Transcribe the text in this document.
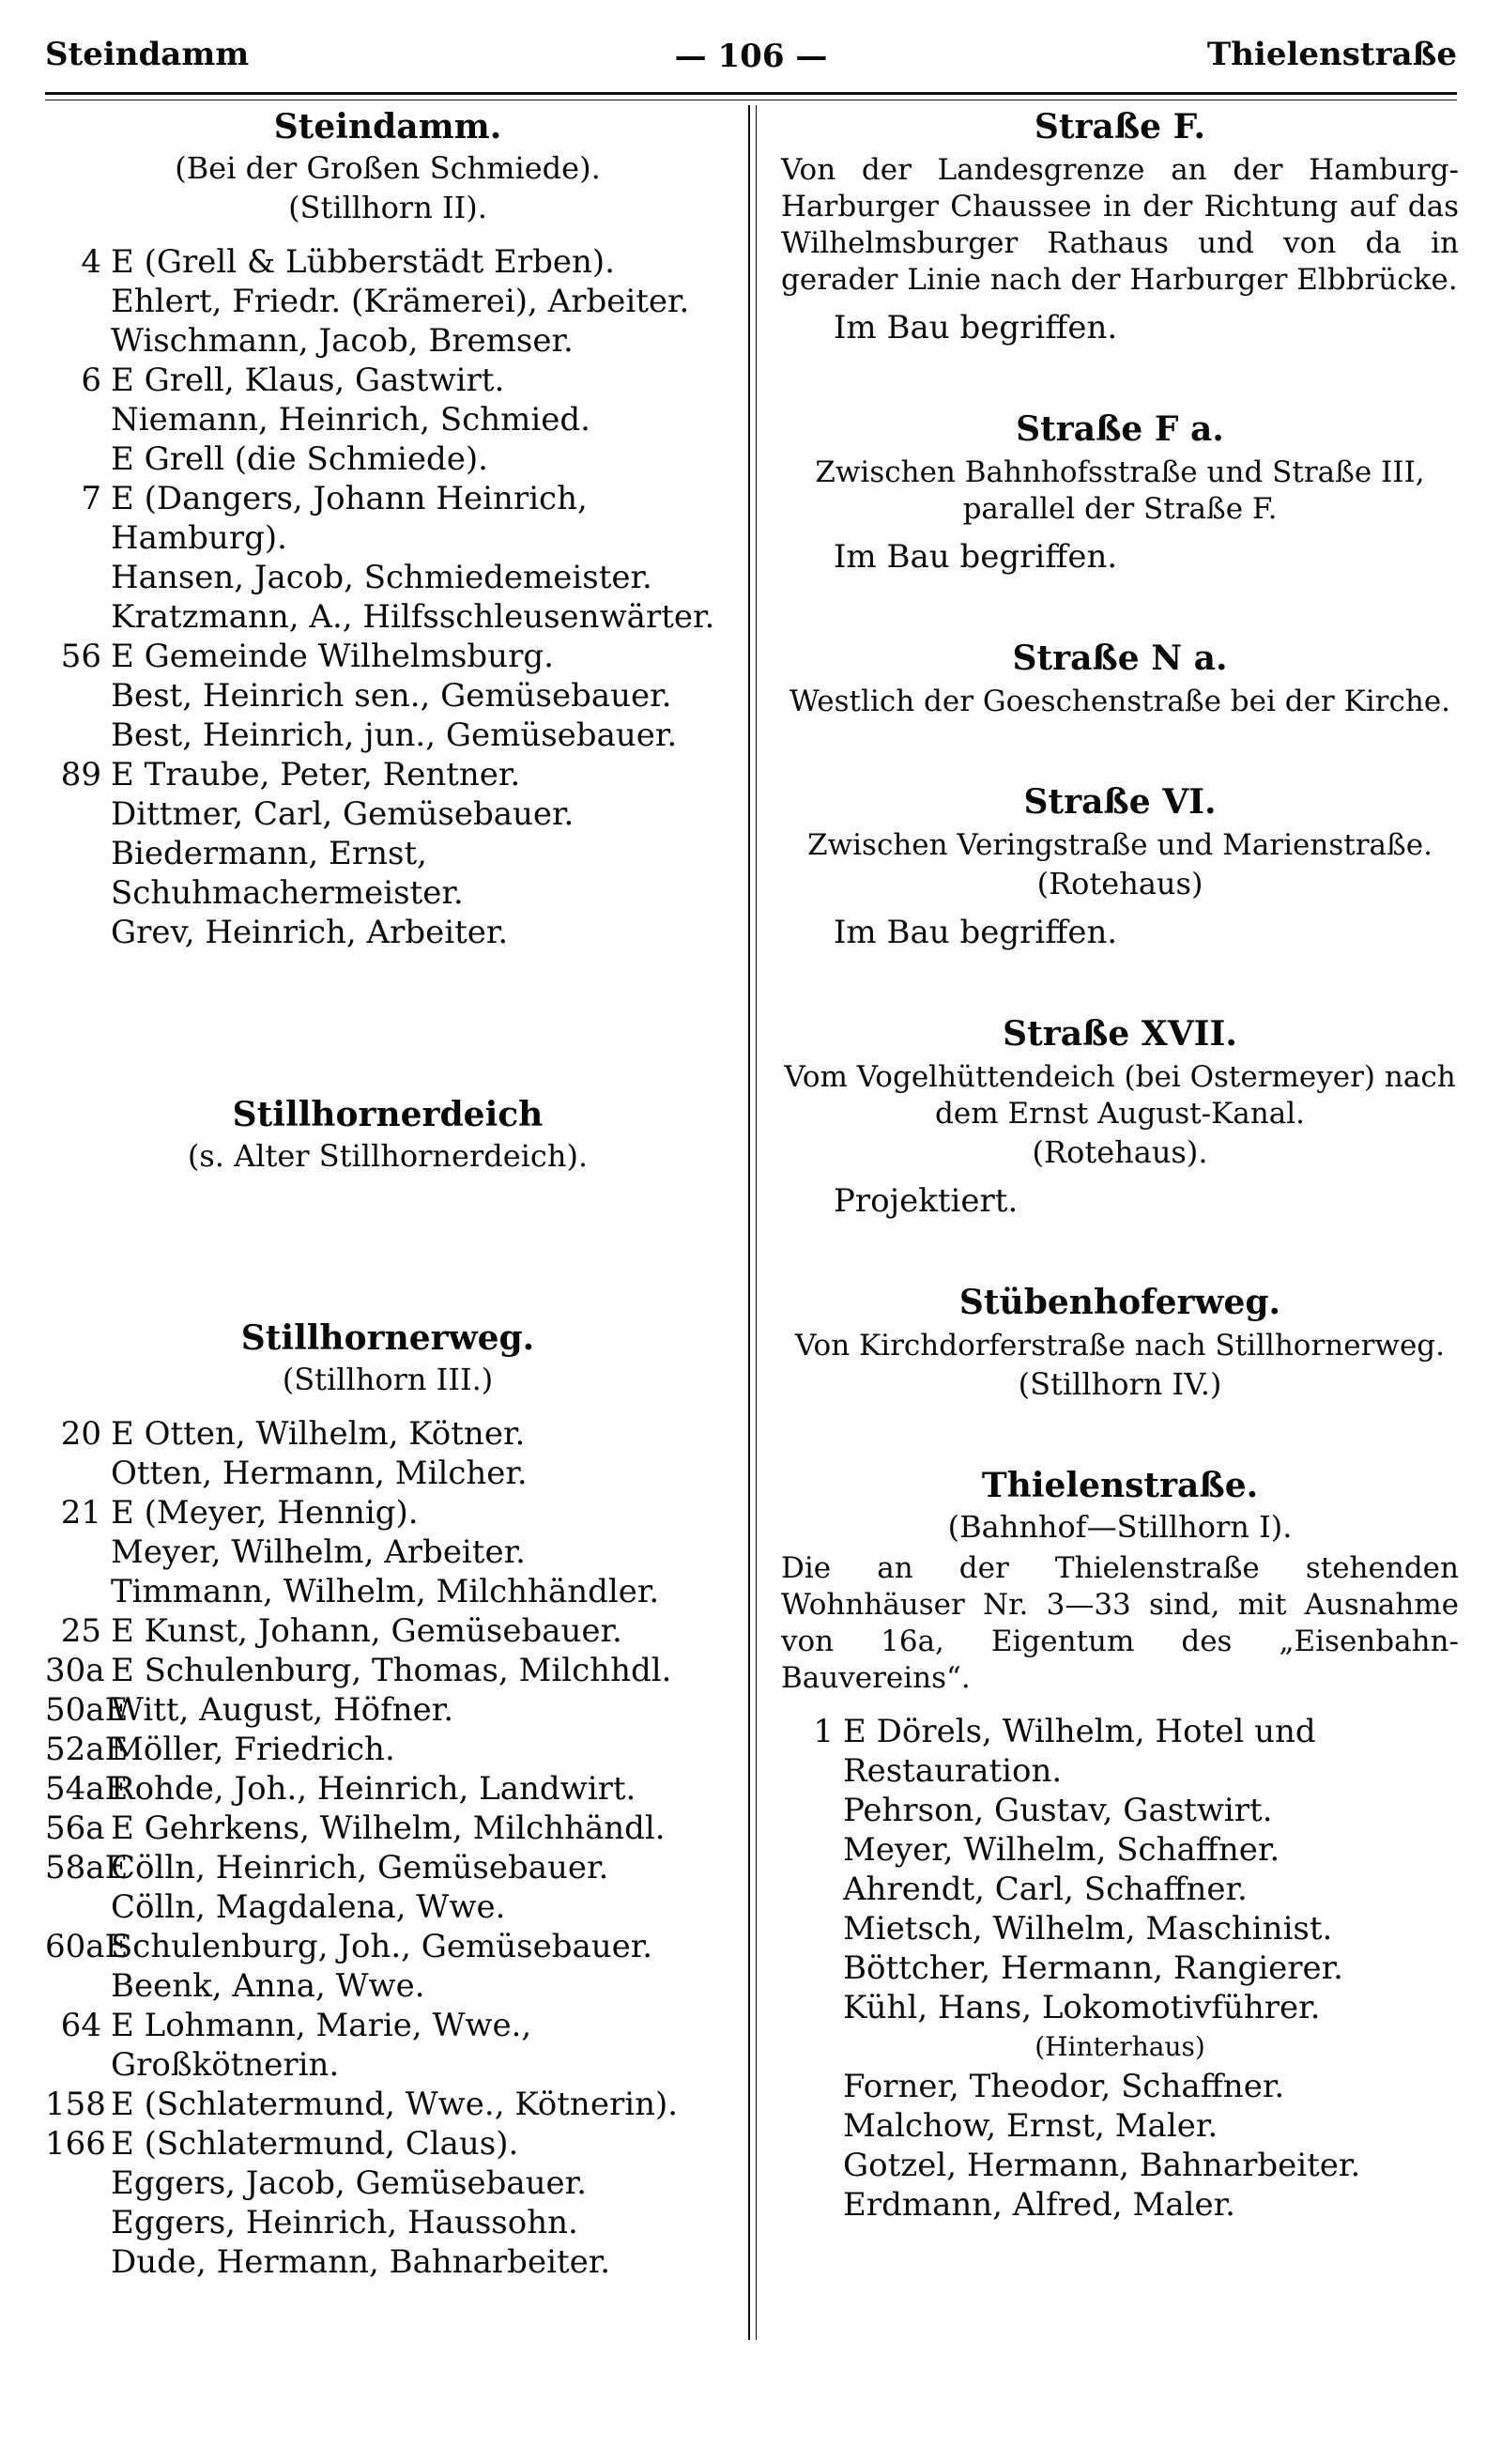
Steindamm	— 106 —	Thielenstraße
Steindamm.
(Bei der Großen Schmiede).
(Stillhorn II).
4 E (Grell & Lübberstädt Erben).
Ehlert, Friedr. (Krämerei), Arbeiter.
Wischmann, Jacob, Bremser.
6 E Grell, Klaus, Gastwirt.
Niemann, Heinrich, Schmied.
E Grell (die Schmiede).
7 E (Dangers, Johann Heinrich, Hamburg).
Hansen, Jacob, Schmiedemeister.
Kratzmann, A., Hilfsschleusenwärter.
56 E Gemeinde Wilhelmsburg.
Best, Heinrich sen., Gemüsebauer.
Best, Heinrich, jun., Gemüsebauer.
89 E Traube, Peter, Rentner.
Dittmer, Carl, Gemüsebauer.
Biedermann, Ernst, Schuhmachermeister.
Grev, Heinrich, Arbeiter.
Stillhornerdeich
(s. Alter Stillhornerdeich).
Stillhornerweg.
(Stillhorn III.)
20 E Otten, Wilhelm, Kötner.
Otten, Hermann, Milcher.
21 E (Meyer, Hennig).
Meyer, Wilhelm, Arbeiter.
Timmann, Wilhelm, Milchhändler.
25 E Kunst, Johann, Gemüsebauer.
30a E Schulenburg, Thomas, Milchhdl.
50aE
Witt, August, Höfner.
52aE
Möller, Friedrich.
54aE
Rohde, Joh., Heinrich, Landwirt.
56a E Gehrkens, Wilhelm, Milchhändl.
58aE
Cölln, Heinrich, Gemüsebauer.
Cölln, Magdalena, Wwe.
60aE
Schulenburg, Joh., Gemüsebauer.
Beenk, Anna, Wwe.
64 E Lohmann, Marie, Wwe., Großkötnerin.
158 E (Schlatermund, Wwe., Kötnerin).
166 E (Schlatermund, Claus).
Eggers, Jacob, Gemüsebauer.
Eggers, Heinrich, Haussohn.
Dude, Hermann, Bahnarbeiter.
Straße F.
Von der Landesgrenze an der Hamburg-Harburger Chaussee in der Richtung auf das Wilhelmsburger Rathaus und von da in gerader Linie nach der Harburger Elbbrücke.
Im Bau begriffen.
Straße F a.
Zwischen Bahnhofsstraße und Straße III, parallel der Straße F.
Im Bau begriffen.
Straße N a.
Westlich der Goeschenstraße bei der Kirche.
Straße VI.
Zwischen Veringstraße und Marienstraße.
(Rotehaus)
Im Bau begriffen.
Straße XVII.
Vom Vogelhüttendeich (bei Ostermeyer) nach dem Ernst August-Kanal.
(Rotehaus).
Projektiert.
Stübenhoferweg.
Von Kirchdorferstraße nach Stillhornerweg.
(Stillhorn IV.)
Thielenstraße.
(Bahnhof—Stillhorn I).
Die an der Thielenstraße stehenden Wohnhäuser Nr. 3—33 sind, mit Ausnahme von 16a, Eigentum des „Eisenbahn-Bauvereins“.
1 E Dörels, Wilhelm, Hotel und Restauration.
Pehrson, Gustav, Gastwirt.
Meyer, Wilhelm, Schaffner.
Ahrendt, Carl, Schaffner.
Mietsch, Wilhelm, Maschinist.
Böttcher, Hermann, Rangierer.
Kühl, Hans, Lokomotivführer.
(Hinterhaus)
Forner, Theodor, Schaffner.
Malchow, Ernst, Maler.
Gotzel, Hermann, Bahnarbeiter.
Erdmann, Alfred, Maler.
